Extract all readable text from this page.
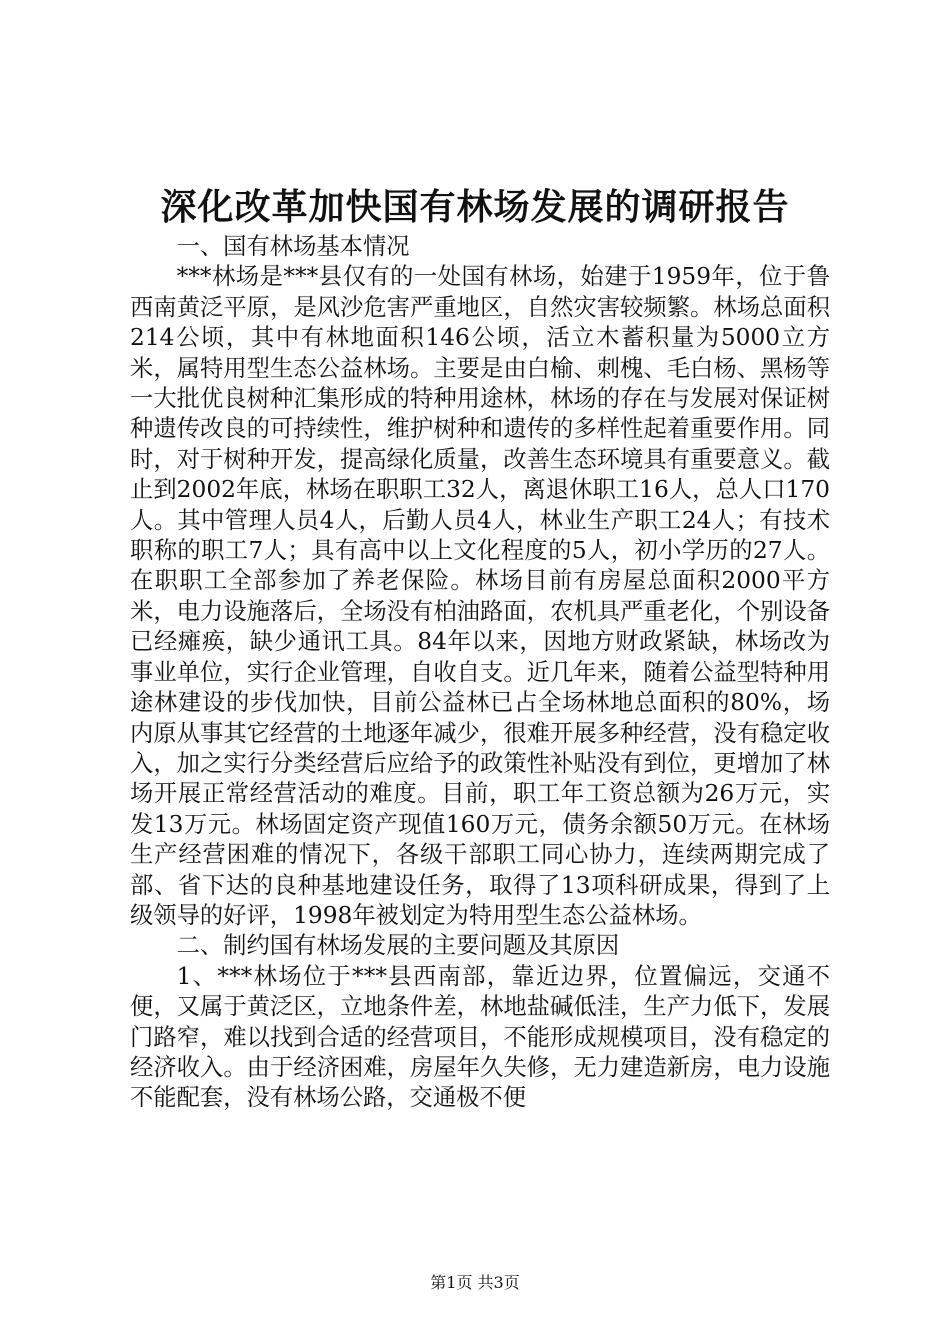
深化改革加快国有林场发展的调研报告

一、国有林场基本情况

***林场是***县仅有的一处国有林场，始建于1959年，位于鲁西南黄泛平原，是风沙危害严重地区，自然灾害较频繁。林场总面积214公顷，其中有林地面积146公顷，活立木蓄积量为5000立方米，属特用型生态公益林场。主要是由白榆、刺槐、毛白杨、黑杨等一大批优良树种汇集形成的特种用途林，林场的存在与发展对保证树种遗传改良的可持续性，维护树种和遗传的多样性起着重要作用。同时，对于树种开发，提高绿化质量，改善生态环境具有重要意义。截止到2002年底，林场在职职工32人，离退休职工16人，总人口170人。其中管理人员4人，后勤人员4人，林业生产职工24人；有技术职称的职工7人；具有高中以上文化程度的5人，初小学历的27人。在职职工全部参加了养老保险。林场目前有房屋总面积2000平方米，电力设施落后，全场没有柏油路面，农机具严重老化，个别设备已经瘫痪，缺少通讯工具。84年以来，因地方财政紧缺，林场改为事业单位，实行企业管理，自收自支。近几年来，随着公益型特种用途林建设的步伐加快，目前公益林已占全场林地总面积的80%，场内原从事其它经营的土地逐年减少，很难开展多种经营，没有稳定收入，加之实行分类经营后应给予的政策性补贴没有到位，更增加了林场开展正常经营活动的难度。目前，职工年工资总额为26万元，实发13万元。林场固定资产现值160万元，债务余额50万元。在林场生产经营困难的情况下，各级干部职工同心协力，连续两期完成了部、省下达的良种基地建设任务，取得了13项科研成果，得到了上级领导的好评，1998年被划定为特用型生态公益林场。

二、制约国有林场发展的主要问题及其原因

1、***林场位于***县西南部，靠近边界，位置偏远，交通不便，又属于黄泛区，立地条件差，林地盐碱低洼，生产力低下，发展门路窄，难以找到合适的经营项目，不能形成规模项目，没有稳定的经济收入。由于经济困难，房屋年久失修，无力建造新房，电力设施不能配套，没有林场公路，交通极不便

第1页 共3页
